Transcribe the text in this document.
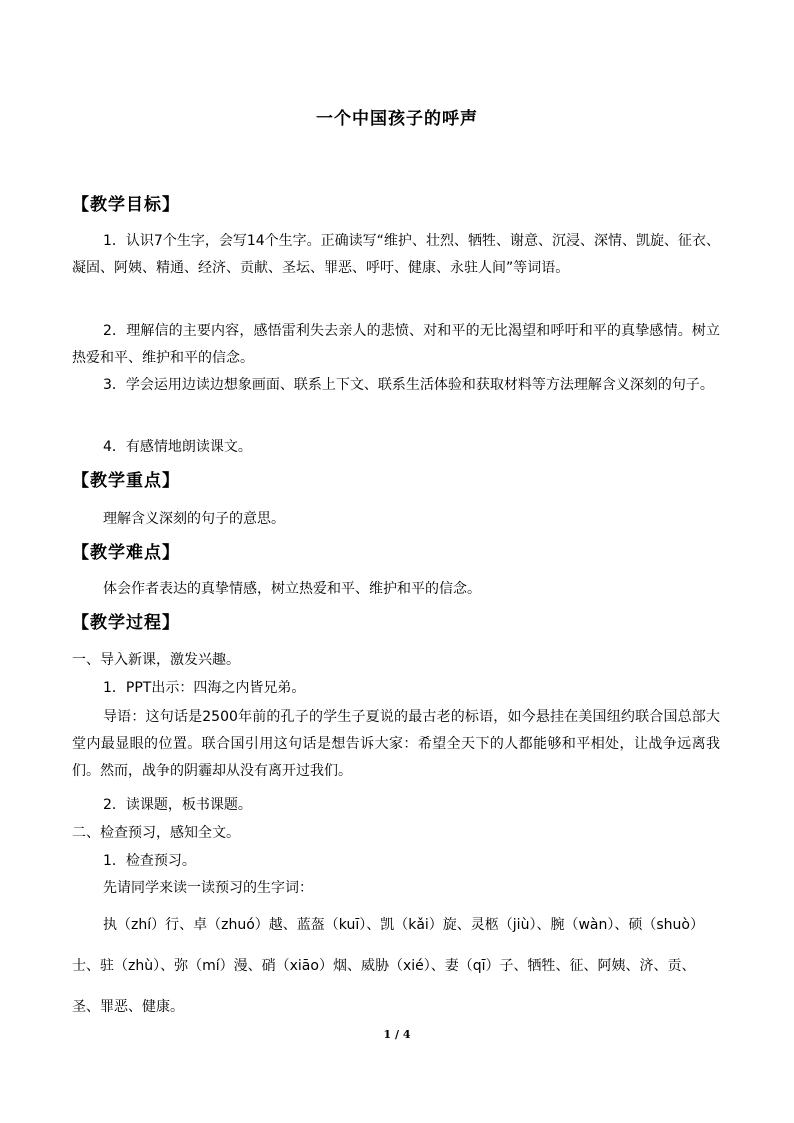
一个中国孩子的呼声
【教学目标】
1．认识7个生字，会写14个生字。正确读写“维护、壮烈、牺牲、谢意、沉浸、深情、凯旋、征衣、凝固、阿姨、精通、经济、贡献、圣坛、罪恶、呼吁、健康、永驻人间”等词语。
2．理解信的主要内容，感悟雷利失去亲人的悲愤、对和平的无比渴望和呼吁和平的真挚感情。树立热爱和平、维护和平的信念。
3．学会运用边读边想象画面、联系上下文、联系生活体验和获取材料等方法理解含义深刻的句子。
4．有感情地朗读课文。
【教学重点】
理解含义深刻的句子的意思。
【教学难点】
体会作者表达的真挚情感，树立热爱和平、维护和平的信念。
【教学过程】
一、导入新课，激发兴趣。
1．PPT出示：四海之内皆兄弟。
导语：这句话是2500年前的孔子的学生子夏说的最古老的标语，如今悬挂在美国纽约联合国总部大堂内最显眼的位置。联合国引用这句话是想告诉大家：希望全天下的人都能够和平相处，让战争远离我们。然而，战争的阴霾却从没有离开过我们。
2．读课题，板书课题。
二、检查预习，感知全文。
1．检查预习。
先请同学来读一读预习的生字词：
执（zhí）行、卓（zhuó）越、蓝盔（kuī）、凯（kǎi）旋、灵柩（jiù）、腕（wàn）、硕（shuò）士、驻（zhù）、弥（mí）漫、硝（xiāo）烟、威胁（xié）、妻（qī）子、牺牲、征、阿姨、济、贡、圣、罪恶、健康。
1 / 4
